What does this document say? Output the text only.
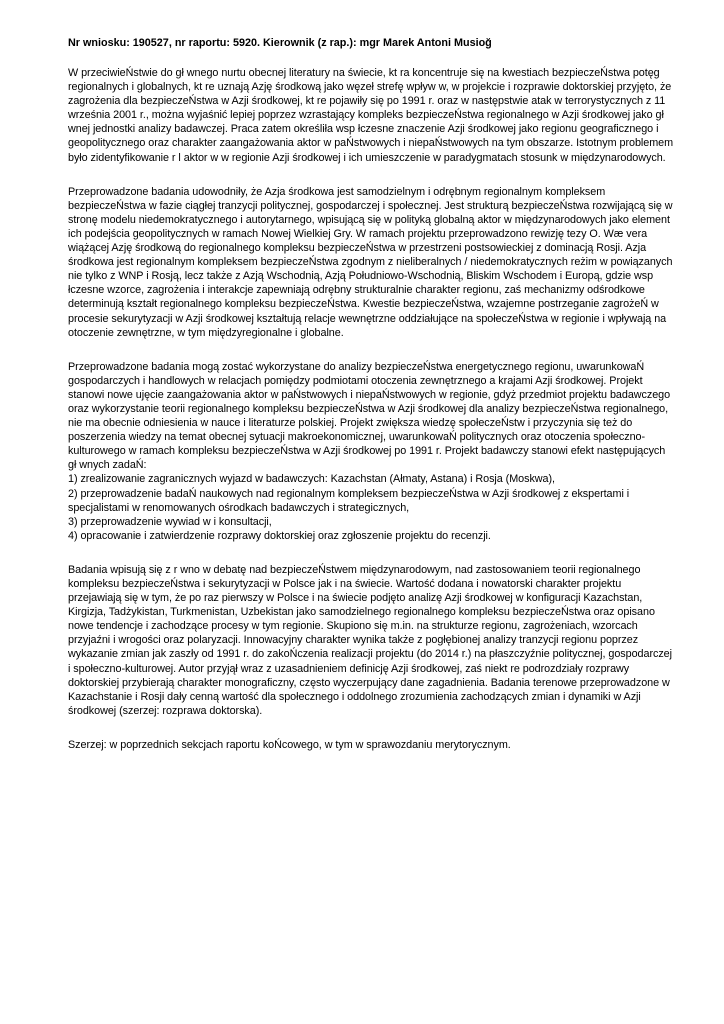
Nr wniosku: 190527, nr raportu: 5920. Kierownik (z rap.): mgr Marek Antoni Musioğ

W przeciwieŃstwie do gł wnego nurtu obecnej literatury na świecie, kt ra koncentruje się na kwestiach bezpieczeŃstwa potęg regionalnych i globalnych, kt re uznają Azję środkową jako węzeł strefę wpływ w, w projekcie i rozprawie doktorskiej przyjęto, że zagrożenia dla bezpieczeŃstwa w Azji środkowej, kt re pojawiły się po 1991 r. oraz w następstwie atak w terrorystycznych z 11 września 2001 r., można wyjaśnić lepiej poprzez wzrastający kompleks bezpieczeŃstwa regionalnego w Azji środkowej jako gł wnej jednostki analizy badawczej. Praca zatem określiła wsp łczesne znaczenie Azji środkowej jako regionu geograficznego i geopolitycznego oraz charakter zaangażowania aktor w paŃstwowych i niepaŃstwowych na tym obszarze. Istotnym problemem było zidentyfikowanie r l aktor w w regionie Azji środkowej i ich umieszczenie w paradygmatach stosunk w międzynarodowych.

Przeprowadzone badania udowodniły, że Azja środkowa jest samodzielnym i odrębnym regionalnym kompleksem bezpieczeŃstwa w fazie ciągłej tranzycji politycznej, gospodarczej i społecznej. Jest strukturą bezpieczeŃstwa rozwijającą się w stronę modelu niedemokratycznego i autorytarnego, wpisującą się w polityką globalną aktor w międzynarodowych jako element ich podejścia geopolitycznych w ramach Nowej Wielkiej Gry. W ramach projektu przeprowadzono rewizję tezy O. Wæ vera wiążącej Azję środkową do regionalnego kompleksu bezpieczeŃstwa w przestrzeni postsowieckiej z dominacją Rosji. Azja środkowa jest regionalnym kompleksem bezpieczeŃstwa zgodnym z nieliberalnych / niedemokratycznych reżim w powiązanych nie tylko z WNP i Rosją, lecz także z Azją Wschodnią, Azją Południowo-Wschodnią, Bliskim Wschodem i Europą, gdzie wsp łczesne wzorce, zagrożenia i interakcje zapewniają odrębny strukturalnie charakter regionu, zaś mechanizmy odśrodkowe determinują kształt regionalnego kompleksu bezpieczeŃstwa. Kwestie bezpieczeŃstwa, wzajemne postrzeganie zagrożeŃ w procesie sekurytyzacji w Azji środkowej kształtują relacje wewnętrzne oddziałujące na społeczeŃstwa w regionie i wpływają na otoczenie zewnętrzne, w tym międzyregionalne i globalne.

Przeprowadzone badania mogą zostać wykorzystane do analizy bezpieczeŃstwa energetycznego regionu, uwarunkowaŃ gospodarczych i handlowych w relacjach pomiędzy podmiotami otoczenia zewnętrznego a krajami Azji środkowej. Projekt stanowi nowe ujęcie zaangażowania aktor w paŃstwowych i niepaŃstwowych w regionie, gdyż przedmiot projektu badawczego oraz wykorzystanie teorii regionalnego kompleksu bezpieczeŃstwa w Azji środkowej dla analizy bezpieczeŃstwa regionalnego, nie ma obecnie odniesienia w nauce i literaturze polskiej. Projekt zwiększa wiedzę społeczeŃstw i przyczynia się też do poszerzenia wiedzy na temat obecnej sytuacji makroekonomicznej, uwarunkowaŃ politycznych oraz otoczenia społeczno-kulturowego w ramach kompleksu bezpieczeŃstwa w Azji środkowej po 1991 r. Projekt badawczy stanowi efekt następujących gł wnych zadaŃ:

1) zrealizowanie zagranicznych wyjazd w badawczych: Kazachstan (Ałmaty, Astana) i Rosja (Moskwa),

2) przeprowadzenie badaŃ naukowych nad regionalnym kompleksem bezpieczeŃstwa w Azji środkowej z ekspertami i specjalistami w renomowanych ośrodkach badawczych i strategicznych,

3) przeprowadzenie wywiad w i konsultacji,

4) opracowanie i zatwierdzenie rozprawy doktorskiej oraz zgłoszenie projektu do recenzji.

Badania wpisują się z r wno w debatę nad bezpieczeŃstwem międzynarodowym, nad zastosowaniem teorii regionalnego kompleksu bezpieczeŃstwa i sekurytyzacji w Polsce jak i na świecie. Wartość dodana i nowatorski charakter projektu przejawiają się w tym, że po raz pierwszy w Polsce i na świecie podjęto analizę Azji środkowej w konfiguracji Kazachstan, Kirgizja, Tadżykistan, Turkmenistan, Uzbekistan jako samodzielnego regionalnego kompleksu bezpieczeŃstwa oraz opisano nowe tendencje i zachodzące procesy w tym regionie. Skupiono się m.in. na strukturze regionu, zagrożeniach, wzorcach przyjaźni i wrogości oraz polaryzacji. Innowacyjny charakter wynika także z pogłębionej analizy tranzycji regionu poprzez wykazanie zmian jak zaszły od 1991 r. do zakoŃczenia realizacji projektu (do 2014 r.) na płaszczyźnie politycznej, gospodarczej i społeczno-kulturowej. Autor przyjął wraz z uzasadnieniem definicję Azji środkowej, zaś niekt re podrozdziały rozprawy doktorskiej przybierają charakter monograficzny, często wyczerpujący dane zagadnienia. Badania terenowe przeprowadzone w Kazachstanie i Rosji dały cenną wartość dla społecznego i oddolnego zrozumienia zachodzących zmian i dynamiki w Azji środkowej (szerzej: rozprawa doktorska).

Szerzej: w poprzednich sekcjach raportu koŃcowego, w tym w sprawozdaniu merytorycznym.
